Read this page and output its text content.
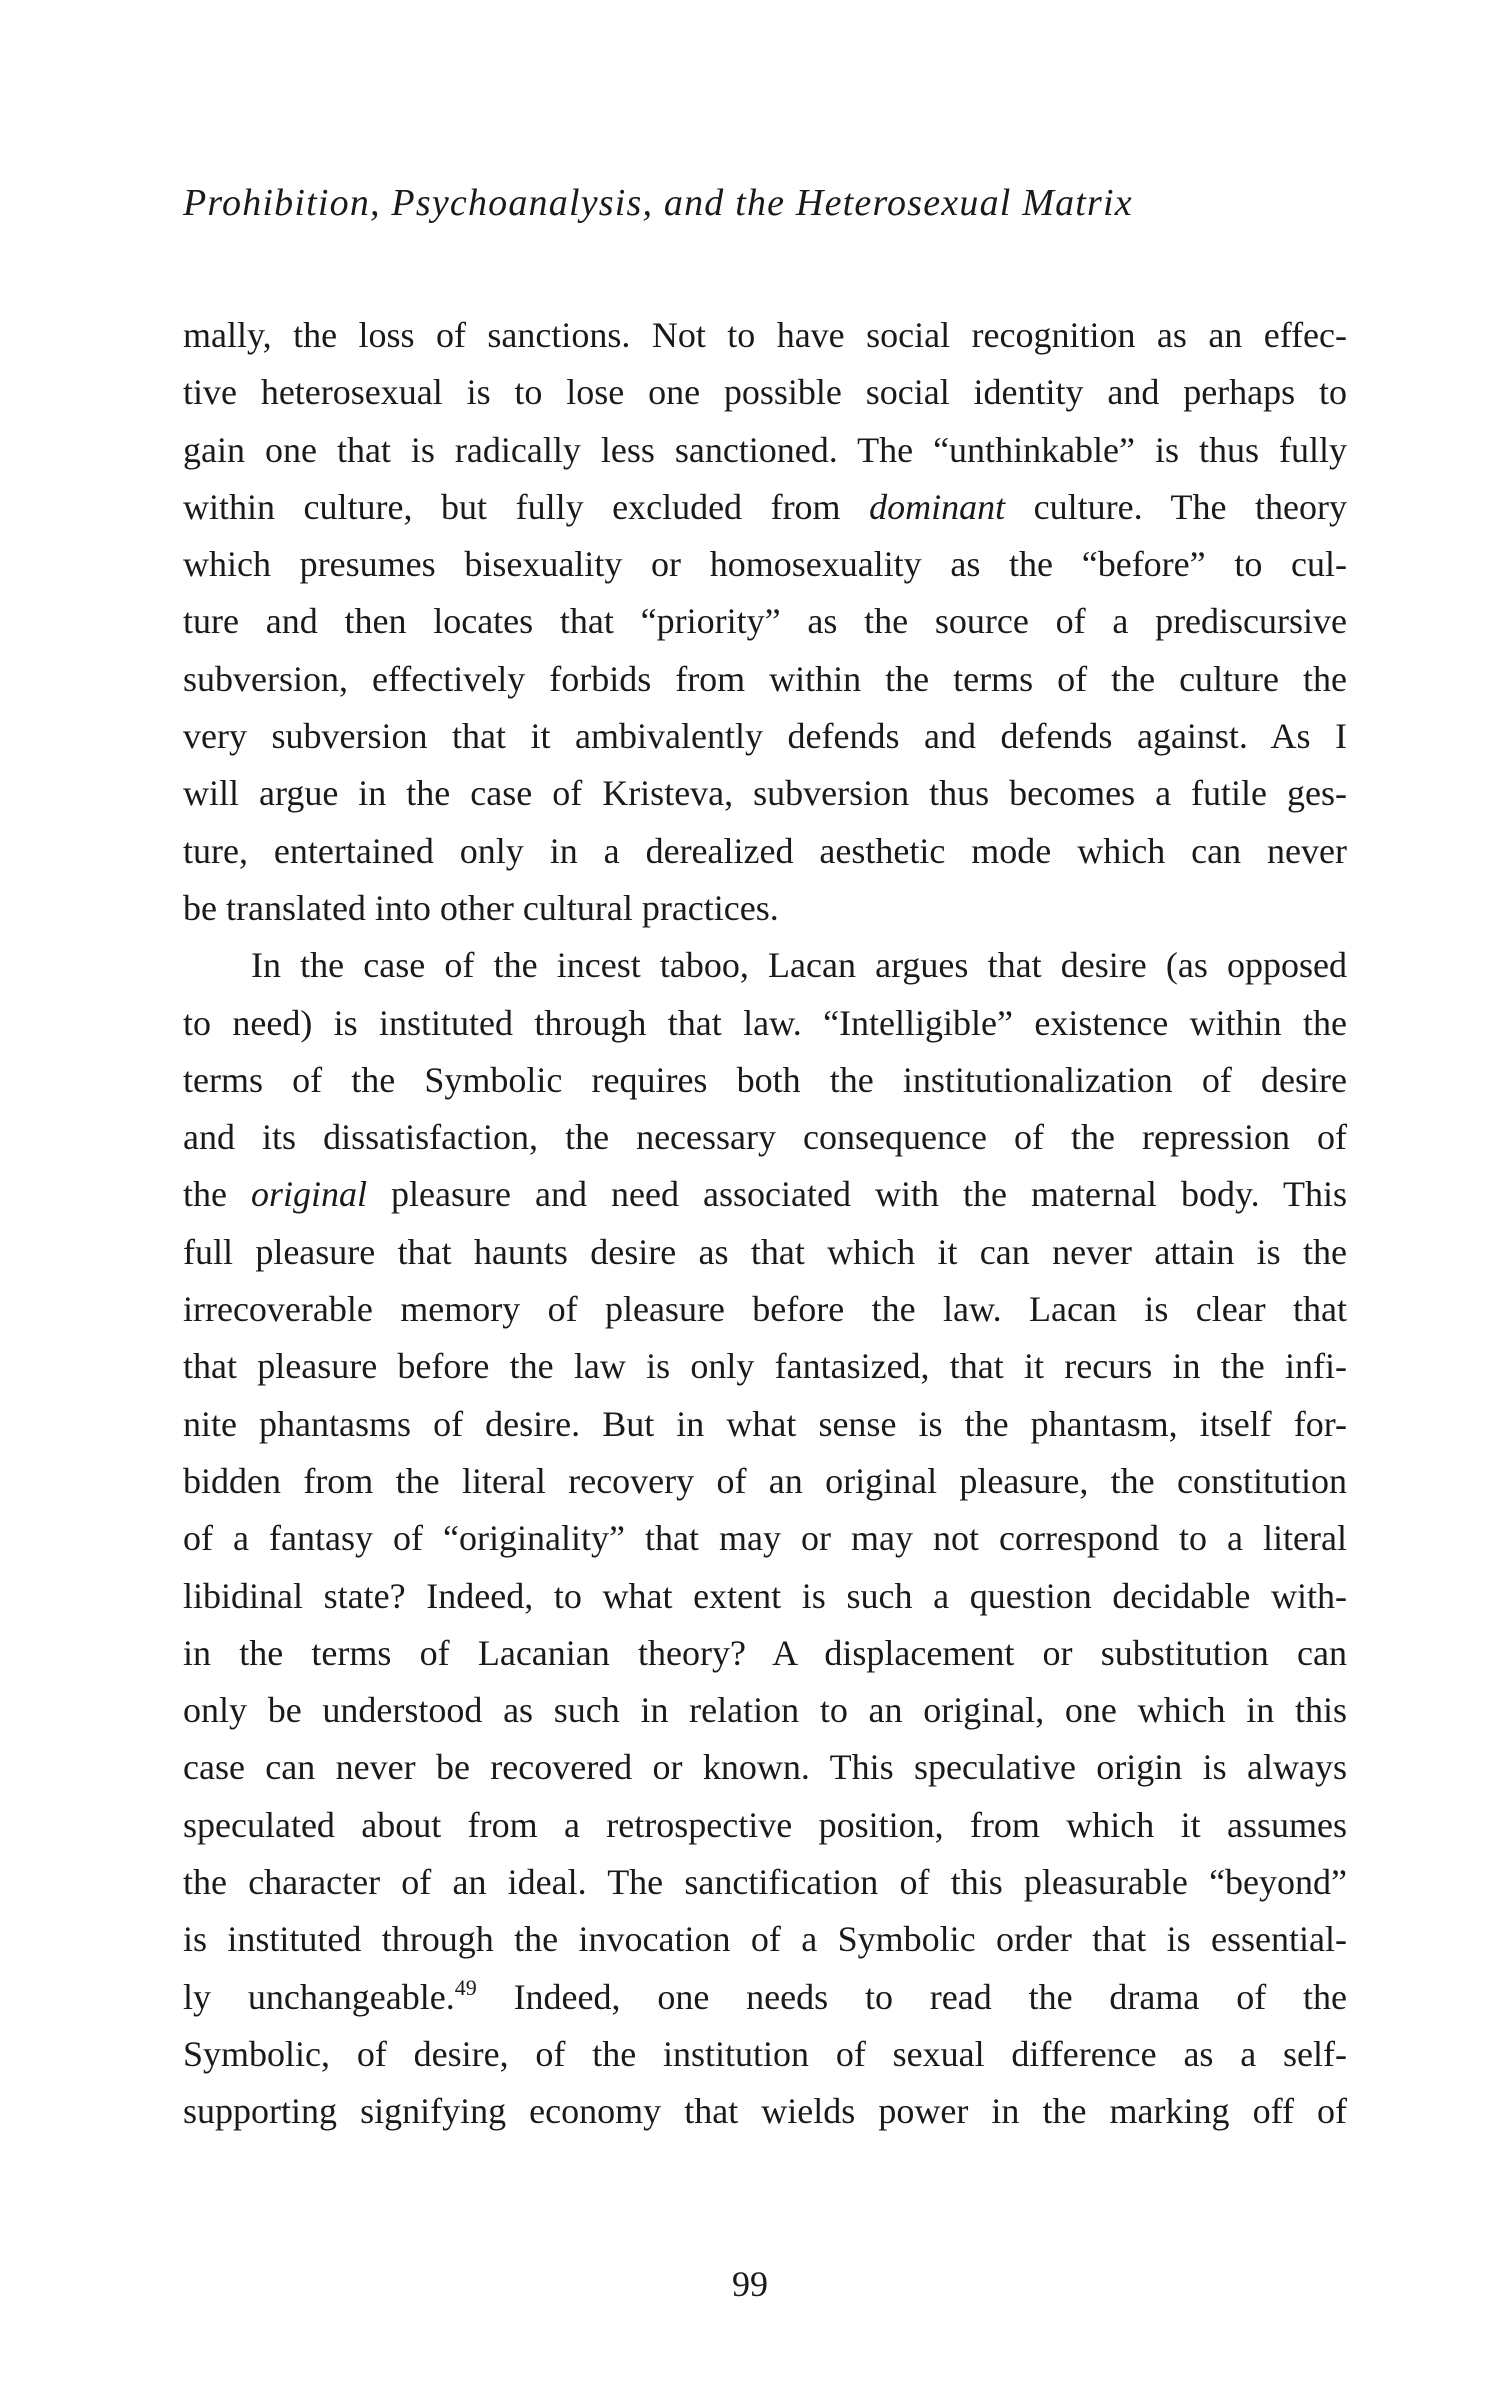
Prohibition, Psychoanalysis, and the Heterosexual Matrix
mally, the loss of sanctions. Not to have social recognition as an effec-
tive heterosexual is to lose one possible social identity and perhaps to
gain one that is radically less sanctioned. The “unthinkable” is thus fully
within culture, but fully excluded from dominant culture. The theory
which presumes bisexuality or homosexuality as the “before” to cul-
ture and then locates that “priority” as the source of a prediscursive
subversion, effectively forbids from within the terms of the culture the
very subversion that it ambivalently defends and defends against. As I
will argue in the case of Kristeva, subversion thus becomes a futile ges-
ture, entertained only in a derealized aesthetic mode which can never
be translated into other cultural practices.
In the case of the incest taboo, Lacan argues that desire (as opposed
to need) is instituted through that law. “Intelligible” existence within the
terms of the Symbolic requires both the institutionalization of desire
and its dissatisfaction, the necessary consequence of the repression of
the original pleasure and need associated with the maternal body. This
full pleasure that haunts desire as that which it can never attain is the
irrecoverable memory of pleasure before the law. Lacan is clear that
that pleasure before the law is only fantasized, that it recurs in the infi-
nite phantasms of desire. But in what sense is the phantasm, itself for-
bidden from the literal recovery of an original pleasure, the constitution
of a fantasy of “originality” that may or may not correspond to a literal
libidinal state? Indeed, to what extent is such a question decidable with-
in the terms of Lacanian theory? A displacement or substitution can
only be understood as such in relation to an original, one which in this
case can never be recovered or known. This speculative origin is always
speculated about from a retrospective position, from which it assumes
the character of an ideal. The sanctification of this pleasurable “beyond”
is instituted through the invocation of a Symbolic order that is essential-
ly unchangeable.$^{49}$ Indeed, one needs to read the drama of the
Symbolic, of desire, of the institution of sexual difference as a self-
supporting signifying economy that wields power in the marking off of
99
